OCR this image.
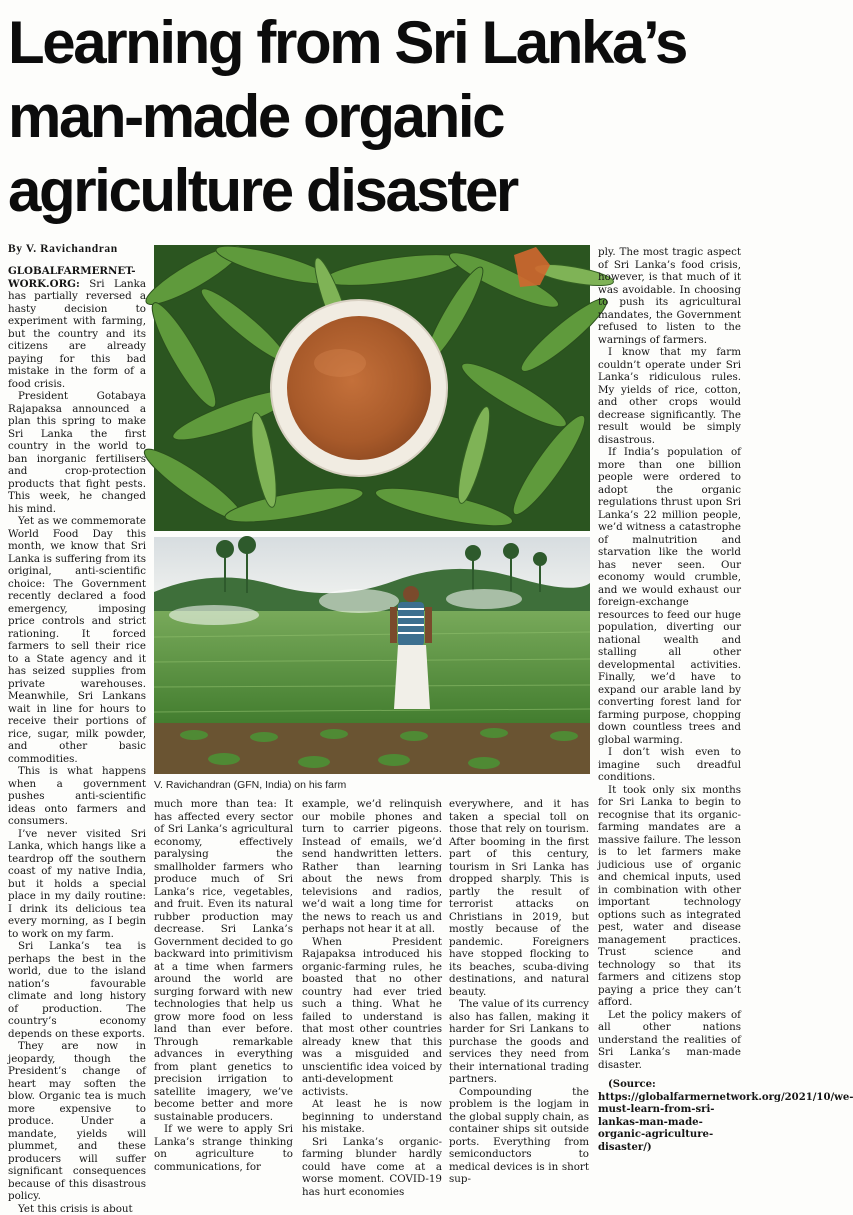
Learning from Sri Lanka’s
man-made organic
agriculture disaster
By V. Ravichandran

GLOBALFARMERNET-WORK.ORG: Sri Lanka has partially reversed a hasty decision to experiment with farming, but the country and its citizens are already paying for this bad mistake in the form of a food crisis.

President Gotabaya Rajapaksa announced a plan this spring to make Sri Lanka the first country in the world to ban inorganic fertilisers and crop-protection products that fight pests. This week, he changed his mind.

Yet as we commemorate World Food Day this month, we know that Sri Lanka is suffering from its original, anti-scientific choice: The Government recently declared a food emergency, imposing price controls and strict rationing. It forced farmers to sell their rice to a State agency and it has seized supplies from private warehouses. Meanwhile, Sri Lankans wait in line for hours to receive their portions of rice, sugar, milk powder, and other basic commodities.

This is what happens when a government pushes anti-scientific ideas onto farmers and consumers.

I’ve never visited Sri Lanka, which hangs like a teardrop off the southern coast of my native India, but it holds a special place in my daily routine: I drink its delicious tea every morning, as I begin to work on my farm.

Sri Lanka’s tea is perhaps the best in the world, due to the island nation’s favourable climate and long history of production. The country’s economy depends on these exports.

They are now in jeopardy, though the President’s change of heart may soften the blow. Organic tea is much more expensive to produce. Under a mandate, yields will plummet, and these producers will suffer significant consequences because of this disastrous policy.

Yet this crisis is about

V. Ravichandran (GFN, India) on his farm

much more than tea: It has affected every sector of Sri Lanka’s agricultural economy, effectively paralysing the smallholder farmers who produce much of Sri Lanka’s rice, vegetables, and fruit. Even its natural rubber production may decrease. Sri Lanka’s Government decided to go backward into primitivism at a time when farmers around the world are surging forward with new technologies that help us grow more food on less land than ever before. Through remarkable advances in everything from plant genetics to precision irrigation to satellite imagery, we’ve become better and more sustainable producers.

If we were to apply Sri Lanka’s strange thinking on agriculture to communications, for

example, we’d relinquish our mobile phones and turn to carrier pigeons. Instead of emails, we’d send handwritten letters. Rather than learning about the news from televisions and radios, we’d wait a long time for the news to reach us and perhaps not hear it at all.

When President Rajapaksa introduced his organic-farming rules, he boasted that no other country had ever tried such a thing. What he failed to understand is that most other countries already knew that this was a misguided and unscientific idea voiced by anti-development activists.

At least he is now beginning to understand his mistake.

Sri Lanka’s organic-farming blunder hardly could have come at a worse moment. COVID-19 has hurt economies

everywhere, and it has taken a special toll on those that rely on tourism. After booming in the first part of this century, tourism in Sri Lanka has dropped sharply. This is partly the result of terrorist attacks on Christians in 2019, but mostly because of the pandemic. Foreigners have stopped flocking to its beaches, scuba-diving destinations, and natural beauty.

The value of its currency also has fallen, making it harder for Sri Lankans to purchase the goods and services they need from their international trading partners.

Compounding the problem is the logjam in the global supply chain, as container ships sit outside ports. Everything from semiconductors to medical devices is in short sup-

ply. The most tragic aspect of Sri Lanka’s food crisis, however, is that much of it was avoidable. In choosing to push its agricultural mandates, the Government refused to listen to the warnings of farmers.

I know that my farm couldn’t operate under Sri Lanka’s ridiculous rules. My yields of rice, cotton, and other crops would decrease significantly. The result would be simply disastrous.

If India’s population of more than one billion people were ordered to adopt the organic regulations thrust upon Sri Lanka’s 22 million people, we’d witness a catastrophe of malnutrition and starvation like the world has never seen. Our economy would crumble, and we would exhaust our foreign-exchange resources to feed our huge population, diverting our national wealth and stalling all other developmental activities. Finally, we’d have to expand our arable land by converting forest land for farming purpose, chopping down countless trees and global warming.

I don’t wish even to imagine such dreadful conditions.

It took only six months for Sri Lanka to begin to recognise that its organic-farming mandates are a massive failure. The lesson is to let farmers make judicious use of organic and chemical inputs, used in combination with other important technology options such as integrated pest, water and disease management practices. Trust science and technology so that its farmers and citizens stop paying a price they can’t afford.

Let the policy makers of all other nations understand the realities of Sri Lanka’s man-made disaster.

(Source: https://globalfarmernetwork.org/2021/10/we-must-learn-from-sri-lankas-man-made-organic-agriculture-disaster/)
